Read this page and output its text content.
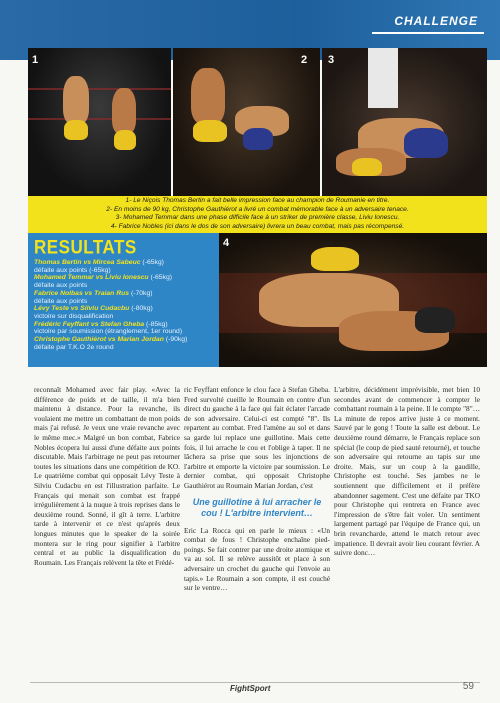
CHALLENGE
1	2 3

1- Le Niçois Thomas Bertin a fait belle impression face au champion de Roumanie en titre.

2- En moins de 90 kg, Christophe Gauthiérot a livré un combat mémorable face à un adversaire tenace.

3- Mohamed Temmar dans une phase difficile face à un striker de première classe, Liviu Ionescu.

4- Fabrice Nobles (ici dans le dos de son adversaire) livrera un beau combat, mais pas récompensé.

RESULTATS
Thomas Bertin vs Mircea Sabeuc (-65kg)
défaite aux points (-65kg)
Mohamed Temmar vs Liviu Ionescu (-65kg)
défaite aux points
Fabrice Nolbas vs Traian Rus (-70kg)
défaite aux points
Lévy Teste vs Silviu Cudacbu (-80kg)
victoire sur disqualification
Frédéric Feyffant vs Stefan Gheba (-85kg)
victoire par soumission (étranglement, 1er round)
Christophe Gauthiérot vs Marian Jordan (-90kg)
défaite par T.K.O 2e round
4

reconnaît Mohamed avec fair play. «Avec la différence de poids et de taille, il m'a bien maintenu à distance. Pour la revanche, ils voulaient me mettre un combattant de mon poids mais j'ai refusé. Je veux une vraie revanche avec le même mec.» Malgré un bon combat, Fabrice Nobles écopera lui aussi d'une défaite aux points discutable. Mais l'arbitrage ne peut pas retourner toutes les situations dans une compétition de KO. Le quatrième combat qui opposait Lévy Teste à Silviu Cudacbu en est l'illustration parfaite. Le Français qui menait son combat est frappé irrégulièrement à la nuque à trois reprises dans le deuxième round. Sonné, il gît à terre. L'arbitre tarde à intervenir et ce n'est qu'après deux longues minutes que le speaker de la soirée montera sur le ring pour signifier à l'arbitre central et au public la disqualification du Roumain. Les Français relèvent la tête et Frédé-

ric Feyffant enfonce le clou face à Stefan Gheba. Fred survolté cueille le Roumain en contre d'un direct du gauche à la face qui fait éclater l'arcade de son adversaire. Celui-ci est compté "8". Ils repartent au combat. Fred l'amène au sol et dans sa garde lui replace une guillotine. Mais cette fois, il lui arrache le cou et l'oblige à taper. Il ne lâchera sa prise que sous les injonctions de l'arbitre et emporte la victoire par soumission. Le dernier combat, qui opposait Christophe Gauthiérot au Roumain Marian Jordan, c'est

Une guillotine à lui arracher le cou ! L'arbitre intervient…

Eric La Rocca qui en parle le mieux : «Un combat de fous ! Christophe enchaîne pied-poings. Se fait contrer par une droite atomique et va au sol. Il se relève aussitôt et place à son adversaire un crochet du gauche qui l'envoie au tapis.» Le Roumain a son compte, il est couché sur le ventre…

L'arbitre, décidément imprévisible, met bien 10 secondes avant de commencer à compter le combattant roumain à la peine. Il le compte "8"… La minute de repos arrive juste à ce moment. Sauvé par le gong ! Toute la salle est debout. Le deuxième round démarre, le Français replace son spécial (le coup de pied sauté retourné), et touche son adversaire qui retourne au tapis sur une droite. Mais, sur un coup à la gaudille, Christophe est touché. Ses jambes ne le soutiennent que difficilement et il préfère abandonner sagement. C'est une défaite par TKO pour Christophe qui rentrera en France avec l'impression de s'être fait voler. Un sentiment largement partagé par l'équipe de France qui, un brin revancharde, attend le match retour avec impatience. Il devrait avoir lieu courant février. A suivre donc…

FightSport	59
